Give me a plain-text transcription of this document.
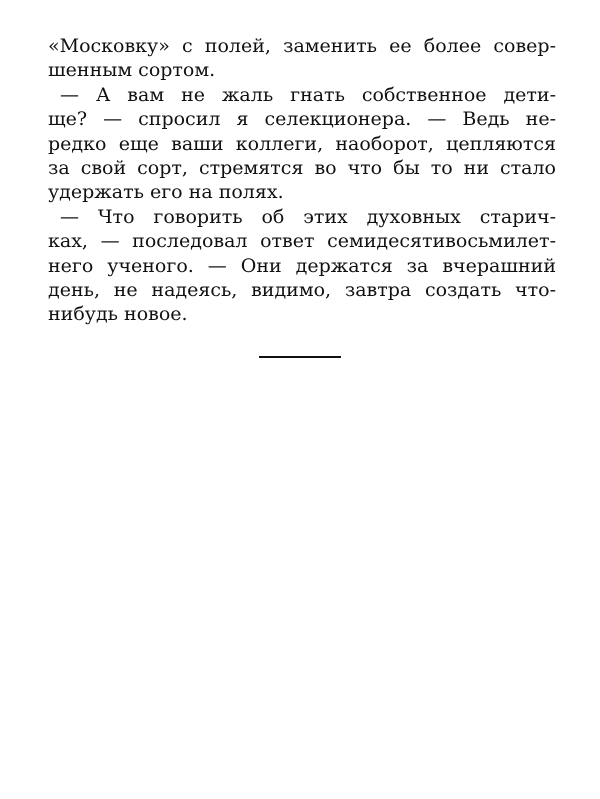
«Московку» с полей, заменить ее более совер-
шенным сортом.
— А вам не жаль гнать собственное дети-
ще? — спросил я селекционера. — Ведь не-
редко еще ваши коллеги, наоборот, цепляются
за свой сорт, стремятся во что бы то ни стало
удержать его на полях.
— Что говорить об этих духовных старич-
ках, — последовал ответ семидесятивосьмилет-
него ученого. — Они держатся за вчерашний
день, не надеясь, видимо, завтра создать что-
нибудь новое.
